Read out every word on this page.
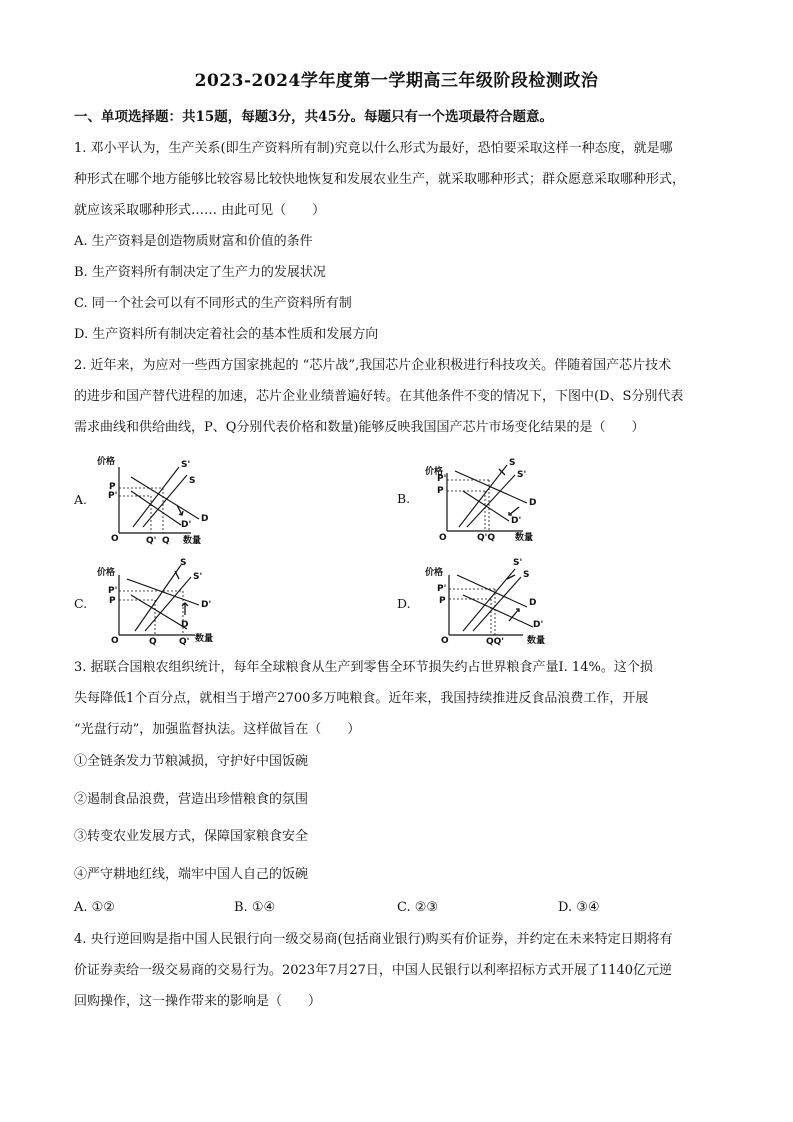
2023-2024学年度第一学期高三年级阶段检测政治
一、单项选择题：共15题，每题3分，共45分。每题只有一个选项最符合题意。
1. 邓小平认为，生产关系(即生产资料所有制)究竟以什么形式为最好，恐怕要采取这样一种态度，就是哪
种形式在哪个地方能够比较容易比较快地恢复和发展农业生产，就采取哪种形式；群众愿意采取哪种形式，
就应该采取哪种形式…… 由此可见（　　）
A. 生产资料是创造物质财富和价值的条件
B. 生产资料所有制决定了生产力的发展状况
C. 同一个社会可以有不同形式的生产资料所有制
D. 生产资料所有制决定着社会的基本性质和发展方向
2. 近年来，为应对一些西方国家挑起的 “芯片战”,我国芯片企业积极进行科技攻关。伴随着国产芯片技术
的进步和国产替代进程的加速，芯片企业业绩普遍好转。在其他条件不变的情况下，下图中(D、S分别代表
需求曲线和供给曲线，P、Q分别代表价格和数量)能够反映我国国产芯片市场变化结果的是（　　）
A.	B.
C.	D.
价格
O	数量
P
P'
Q' Q
S'
S
D
D'
价格
O	数量
P'
P
Q'Q
S
S'
D
D'
价格
O	数量
P'
P
Q Q'
S
S'
D'
D
价格
O	数量
P'
P
QQ'
S'
S
D
D'
3. 据联合国粮农组织统计，每年全球粮食从生产到零售全环节损失约占世界粮食产量I. 14%。这个损
失每降低1个百分点，就相当于增产2700多万吨粮食。近年来，我国持续推进反食品浪费工作，开展
“光盘行动”，加强监督执法。这样做旨在（　　）
①全链条发力节粮减损，守护好中国饭碗
②遏制食品浪费，营造出珍惜粮食的氛围
③转变农业发展方式，保障国家粮食安全
④严守耕地红线，端牢中国人自己的饭碗
A. ①②	B. ①④	C. ②③	D. ③④
4. 央行逆回购是指中国人民银行向一级交易商(包括商业银行)购买有价证券，并约定在未来特定日期将有
价证券卖给一级交易商的交易行为。2023年7月27日，中国人民银行以利率招标方式开展了1140亿元逆
回购操作，这一操作带来的影响是（　　）
